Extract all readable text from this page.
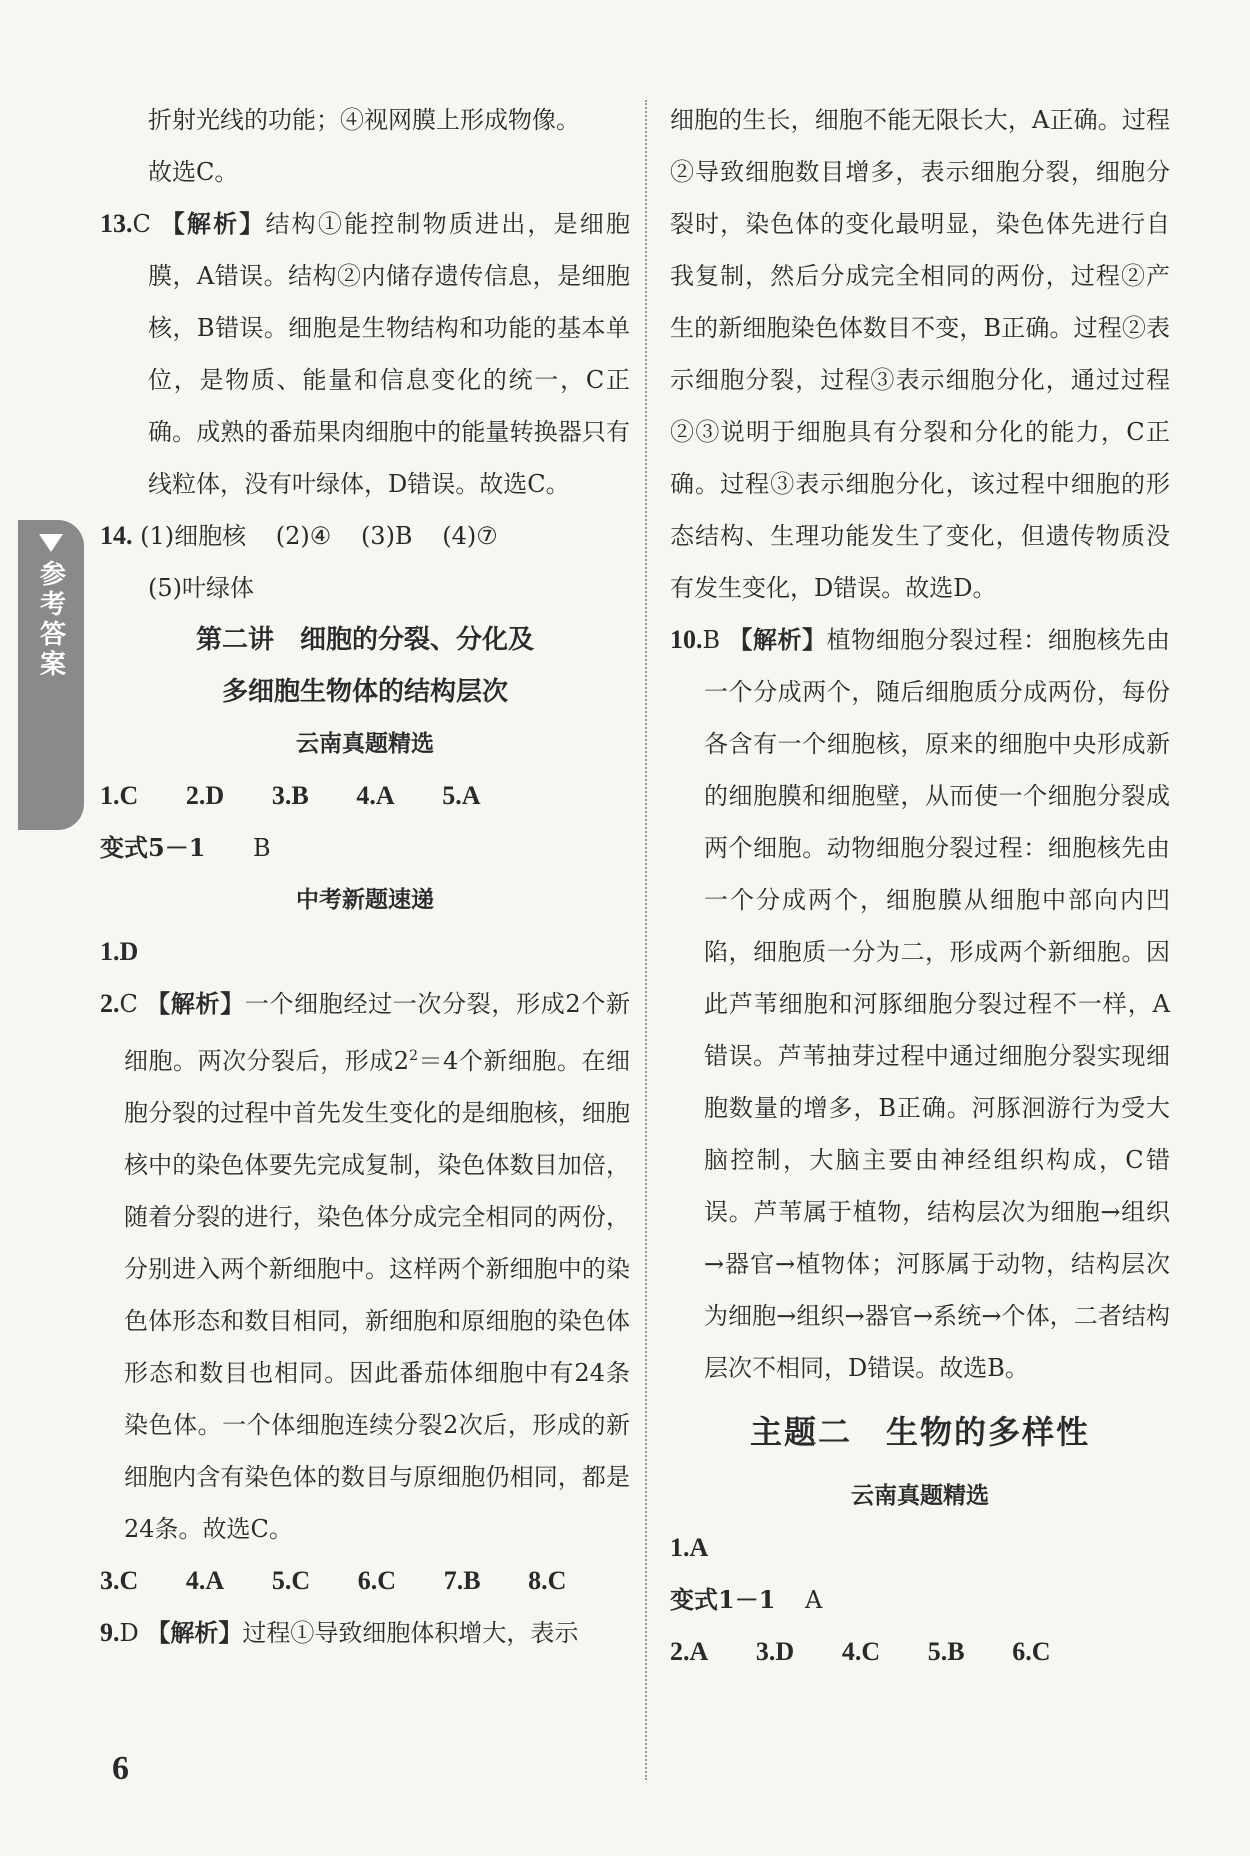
参考答案

折射光线的功能；④视网膜上形成物像。
故选C。

13.C 【解析】结构①能控制物质进出，是细胞膜，A错误。结构②内储存遗传信息，是细胞核，B错误。细胞是生物结构和功能的基本单位，是物质、能量和信息变化的统一，C正确。成熟的番茄果肉细胞中的能量转换器只有线粒体，没有叶绿体，D错误。故选C。

14. (1)细胞核 (2)④ (3)B (4)⑦

(5)叶绿体

第二讲　细胞的分裂、分化及

多细胞生物体的结构层次

云南真题精选

1.C 2.D 3.B 4.A 5.A

变式5－1 B

中考新题速递

1.D

2.C 【解析】一个细胞经过一次分裂，形成2个新细胞。两次分裂后，形成$2^2=4$个新细胞。在细胞分裂的过程中首先发生变化的是细胞核，细胞核中的染色体要先完成复制，染色体数目加倍，随着分裂的进行，染色体分成完全相同的两份，分别进入两个新细胞中。这样两个新细胞中的染色体形态和数目相同，新细胞和原细胞的染色体形态和数目也相同。因此番茄体细胞中有24条染色体。一个体细胞连续分裂2次后，形成的新细胞内含有染色体的数目与原细胞仍相同，都是24条。故选C。

3.C 4.A 5.C 6.C 7.B 8.C

9.D 【解析】过程①导致细胞体积增大，表示

细胞的生长，细胞不能无限长大，A正确。过程②导致细胞数目增多，表示细胞分裂，细胞分裂时，染色体的变化最明显，染色体先进行自我复制，然后分成完全相同的两份，过程②产生的新细胞染色体数目不变，B正确。过程②表示细胞分裂，过程③表示细胞分化，通过过程②③说明于细胞具有分裂和分化的能力，C正确。过程③表示细胞分化，该过程中细胞的形态结构、生理功能发生了变化，但遗传物质没有发生变化，D错误。故选D。

10.B 【解析】植物细胞分裂过程：细胞核先由一个分成两个，随后细胞质分成两份，每份各含有一个细胞核，原来的细胞中央形成新的细胞膜和细胞壁，从而使一个细胞分裂成两个细胞。动物细胞分裂过程：细胞核先由一个分成两个，细胞膜从细胞中部向内凹陷，细胞质一分为二，形成两个新细胞。因此芦苇细胞和河豚细胞分裂过程不一样，A错误。芦苇抽芽过程中通过细胞分裂实现细胞数量的增多，B正确。河豚洄游行为受大脑控制，大脑主要由神经组织构成，C错误。芦苇属于植物，结构层次为细胞→组织→器官→植物体；河豚属于动物，结构层次为细胞→组织→器官→系统→个体，二者结构层次不相同，D错误。故选B。

主题二　生物的多样性

云南真题精选

1.A

变式1－1 A

2.A 3.D 4.C 5.B 6.C

6
